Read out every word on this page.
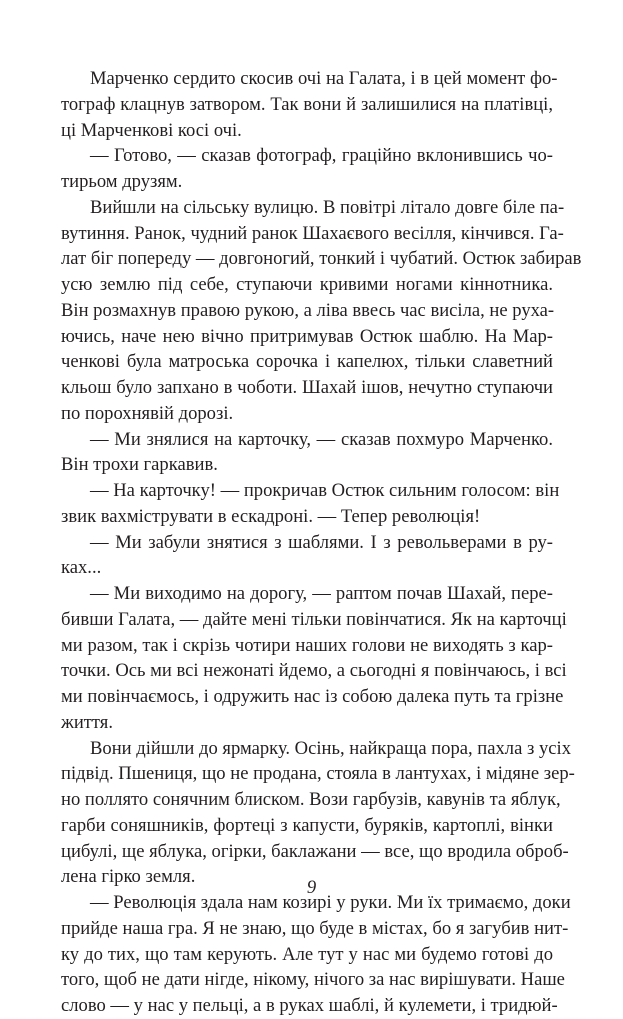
Марченко сердито скосив очі на Галата, і в цей момент фо-
тограф клацнув затвором. Так вони й залишилися на платівці,
ці Марченкові косі очі.
— Готово, — сказав фотограф, граційно вклонившись чо-
тирьом друзям.
Вийшли на сільську вулицю. В повітрі літало довге біле па-
вутиння. Ранок, чудний ранок Шахаєвого весілля, кінчився. Га-
лат біг попереду — довгоногий, тонкий і чубатий. Остюк забирав
усю землю під себе, ступаючи кривими ногами кіннотника.
Він розмахнув правою рукою, а ліва ввесь час висіла, не руха-
ючись, наче нею вічно притримував Остюк шаблю. На Мар-
ченкові була матроська сорочка і капелюх, тільки славетний
кльош було запхано в чоботи. Шахай ішов, нечутно ступаючи
по порохнявій дорозі.
— Ми знялися на карточку, — сказав похмуро Марченко.
Він трохи гаркавив.
— На карточку! — прокричав Остюк сильним голосом: він
звик вахміструвати в ескадроні. — Тепер революція!
— Ми забули знятися з шаблями. І з револьверами в ру-
ках...
— Ми виходимо на дорогу, — раптом почав Шахай, пере-
бивши Галата, — дайте мені тільки повінчатися. Як на карточці
ми разом, так і скрізь чотири наших голови не виходять з кар-
точки. Ось ми всі нежонаті йдемо, а сьогодні я повінчаюсь, і всі
ми повінчаємось, і одружить нас із собою далека путь та грізне
життя.
Вони дійшли до ярмарку. Осінь, найкраща пора, пахла з усіх
підвід. Пшениця, що не продана, стояла в лантухах, і мідяне зер-
но поллято сонячним блиском. Вози гарбузів, кавунів та яблук,
гарби соняшників, фортеці з капусти, буряків, картоплі, вінки
цибулі, ще яблука, огірки, баклажани — все, що вродила оброб-
лена гірко земля.
— Революція здала нам козирі у руки. Ми їх тримаємо, доки
прийде наша гра. Я не знаю, що буде в містах, бо я загубив нит-
ку до тих, що там керують. Але тут у нас ми будемо готові до
того, щоб не дати нігде, нікому, нічого за нас вирішувати. Наше
слово — у нас у пельці, а в руках шаблі, й кулемети, і тридюй-
9
